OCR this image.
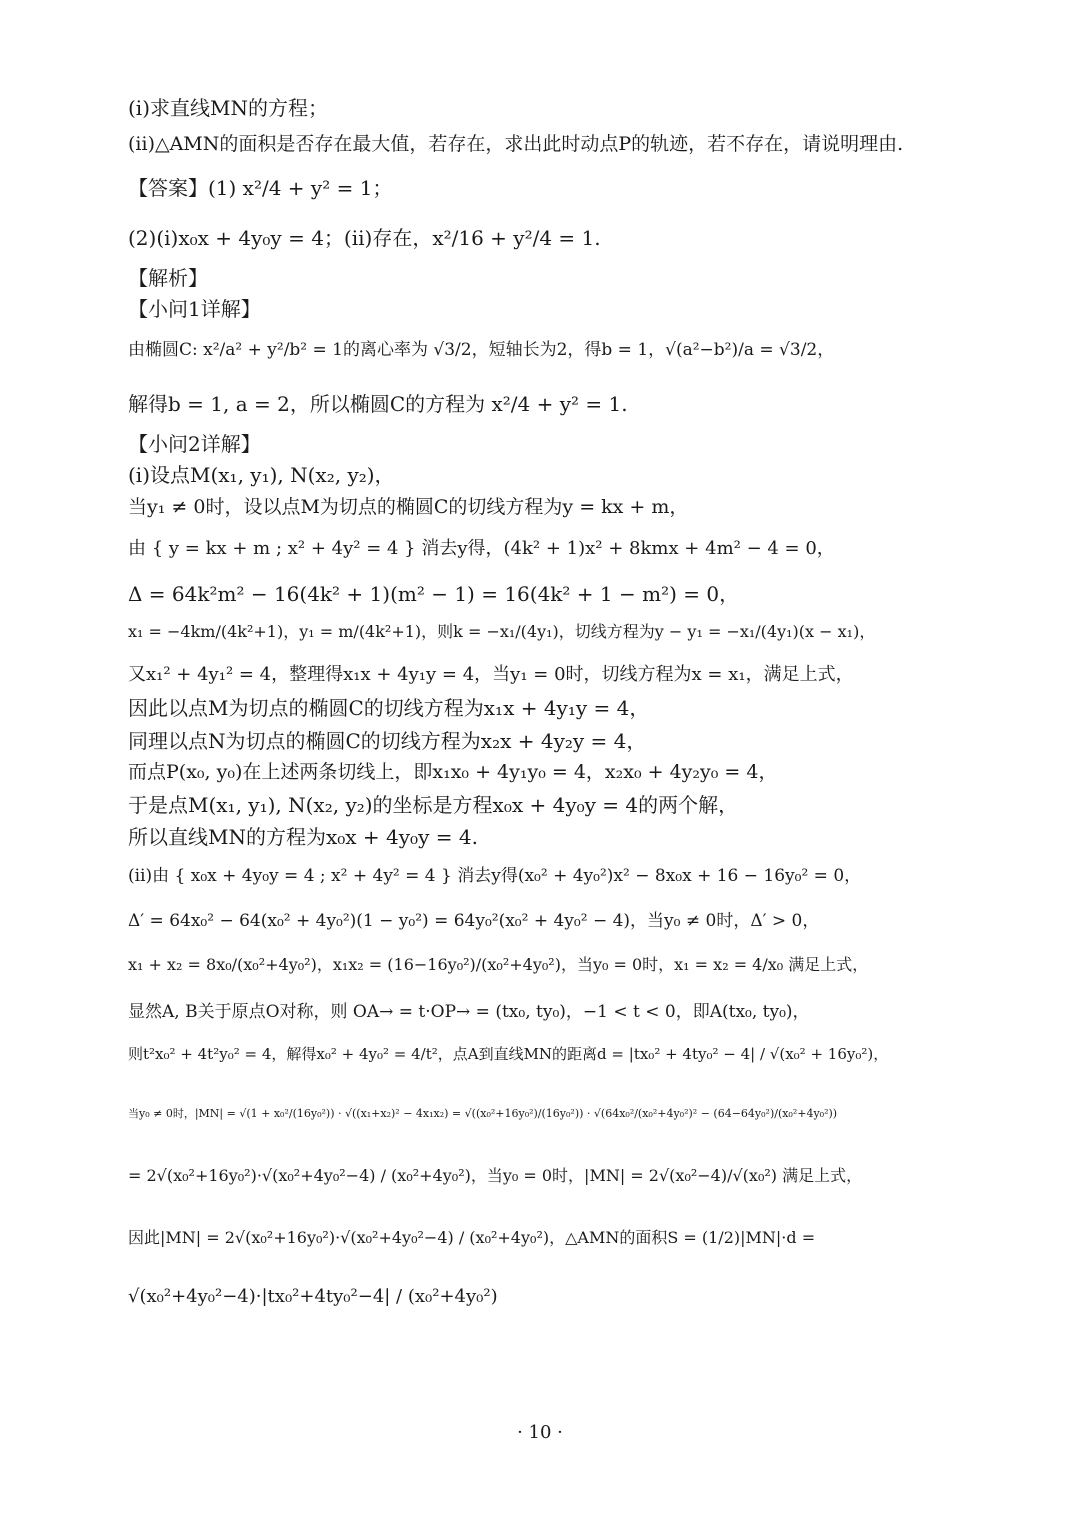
(ⅰ)求直线MN的方程；
(ⅱ)△AMN的面积是否存在最大值，若存在，求出此时动点P的轨迹，若不存在，请说明理由.
【答案】(1) x²/4 + y² = 1；
(2)(ⅰ)x₀x + 4y₀y = 4；(ⅱ)存在，x²/16 + y²/4 = 1.
【解析】
【小问1详解】
由椭圆C: x²/a² + y²/b² = 1的离心率为 √3/2，短轴长为2，得b = 1，√(a²−b²)/a = √3/2，
解得b = 1, a = 2，所以椭圆C的方程为 x²/4 + y² = 1.
【小问2详解】
(ⅰ)设点M(x₁, y₁), N(x₂, y₂)，
当y₁ ≠ 0时，设以点M为切点的椭圆C的切线方程为y = kx + m，
由 { y = kx + m ; x² + 4y² = 4 } 消去y得，(4k² + 1)x² + 8kmx + 4m² − 4 = 0，
Δ = 64k²m² − 16(4k² + 1)(m² − 1) = 16(4k² + 1 − m²) = 0，
x₁ = −4km/(4k²+1)，y₁ = m/(4k²+1)，则k = −x₁/(4y₁)，切线方程为y − y₁ = −x₁/(4y₁)(x − x₁)，
又x₁² + 4y₁² = 4，整理得x₁x + 4y₁y = 4，当y₁ = 0时，切线方程为x = x₁，满足上式，
因此以点M为切点的椭圆C的切线方程为x₁x + 4y₁y = 4，
同理以点N为切点的椭圆C的切线方程为x₂x + 4y₂y = 4，
而点P(x₀, y₀)在上述两条切线上，即x₁x₀ + 4y₁y₀ = 4，x₂x₀ + 4y₂y₀ = 4，
于是点M(x₁, y₁), N(x₂, y₂)的坐标是方程x₀x + 4y₀y = 4的两个解，
所以直线MN的方程为x₀x + 4y₀y = 4.
(ⅱ)由 { x₀x + 4y₀y = 4 ; x² + 4y² = 4 } 消去y得(x₀² + 4y₀²)x² − 8x₀x + 16 − 16y₀² = 0，
Δ′ = 64x₀² − 64(x₀² + 4y₀²)(1 − y₀²) = 64y₀²(x₀² + 4y₀² − 4)，当y₀ ≠ 0时，Δ′ > 0，
x₁ + x₂ = 8x₀/(x₀²+4y₀²)，x₁x₂ = (16−16y₀²)/(x₀²+4y₀²)，当y₀ = 0时，x₁ = x₂ = 4/x₀ 满足上式，
显然A, B关于原点O对称，则 OA→ = t·OP→ = (tx₀, ty₀)，−1 < t < 0，即A(tx₀, ty₀)，
则t²x₀² + 4t²y₀² = 4，解得x₀² + 4y₀² = 4/t²，点A到直线MN的距离d = |tx₀² + 4ty₀² − 4| / √(x₀² + 16y₀²)，
当y₀ ≠ 0时，|MN| = √(1 + x₀²/(16y₀²)) · √((x₁+x₂)² − 4x₁x₂) = √((x₀²+16y₀²)/(16y₀²)) · √(64x₀²/(x₀²+4y₀²)² − (64−64y₀²)/(x₀²+4y₀²))
= 2√(x₀²+16y₀²)·√(x₀²+4y₀²−4) / (x₀²+4y₀²)，当y₀ = 0时，|MN| = 2√(x₀²−4)/√(x₀²) 满足上式，
因此|MN| = 2√(x₀²+16y₀²)·√(x₀²+4y₀²−4) / (x₀²+4y₀²)，△AMN的面积S = (1/2)|MN|·d =
√(x₀²+4y₀²−4)·|tx₀²+4ty₀²−4| / (x₀²+4y₀²)
· 10 ·
